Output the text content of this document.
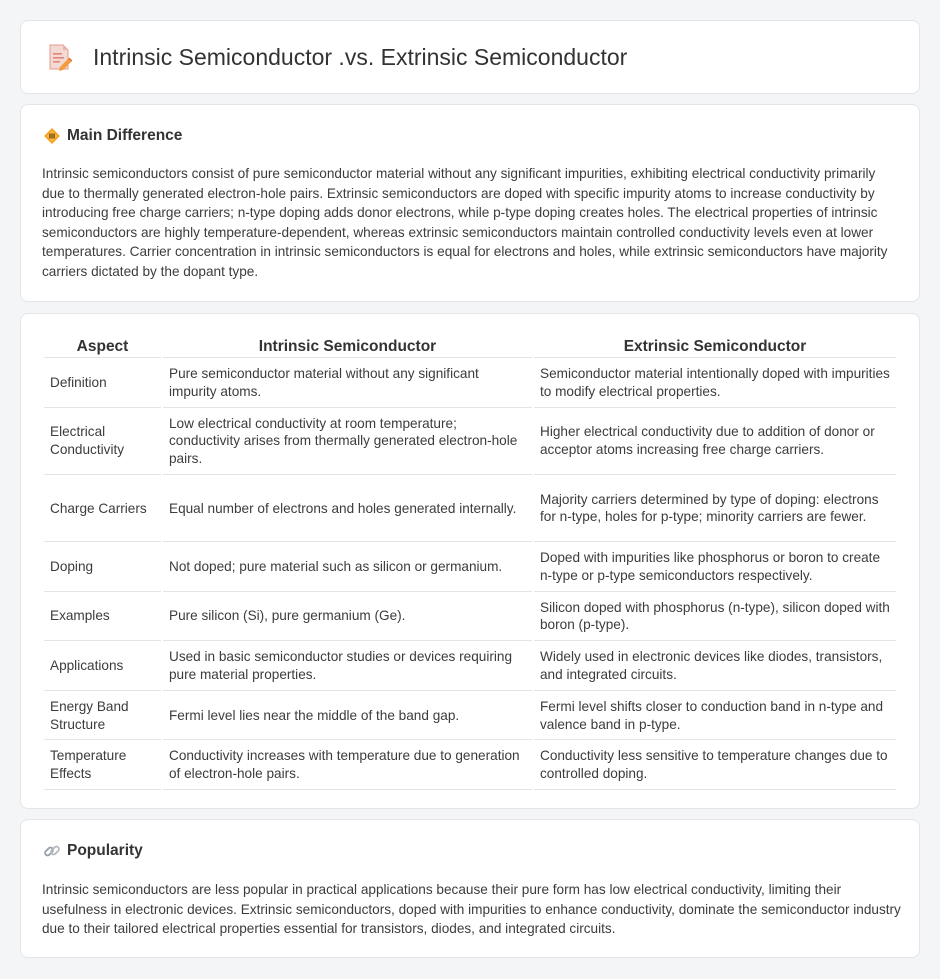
Intrinsic Semiconductor .vs. Extrinsic Semiconductor
Main Difference

Intrinsic semiconductors consist of pure semiconductor material without any significant impurities, exhibiting electrical conductivity primarily due to thermally generated electron-hole pairs. Extrinsic semiconductors are doped with specific impurity atoms to increase conductivity by introducing free charge carriers; n-type doping adds donor electrons, while p-type doping creates holes. The electrical properties of intrinsic semiconductors are highly temperature-dependent, whereas extrinsic semiconductors maintain controlled conductivity levels even at lower temperatures. Carrier concentration in intrinsic semiconductors is equal for electrons and holes, while extrinsic semiconductors have majority carriers dictated by the dopant type.

Aspect	Intrinsic Semiconductor	Extrinsic Semiconductor
Definition	Pure semiconductor material without any significant impurity atoms.	Semiconductor material intentionally doped with impurities to modify electrical properties.
Electrical Conductivity	Low electrical conductivity at room temperature; conductivity arises from thermally generated electron-hole pairs.	Higher electrical conductivity due to addition of donor or acceptor atoms increasing free charge carriers.
Charge Carriers	Equal number of electrons and holes generated internally.	Majority carriers determined by type of doping: electrons for n-type, holes for p-type; minority carriers are fewer.
Doping	Not doped; pure material such as silicon or germanium.	Doped with impurities like phosphorus or boron to create n-type or p-type semiconductors respectively.
Examples	Pure silicon (Si), pure germanium (Ge).	Silicon doped with phosphorus (n-type), silicon doped with boron (p-type).
Applications	Used in basic semiconductor studies or devices requiring pure material properties.	Widely used in electronic devices like diodes, transistors, and integrated circuits.
Energy Band Structure	Fermi level lies near the middle of the band gap.	Fermi level shifts closer to conduction band in n-type and valence band in p-type.
Temperature Effects	Conductivity increases with temperature due to generation of electron-hole pairs.	Conductivity less sensitive to temperature changes due to controlled doping.
Popularity

Intrinsic semiconductors are less popular in practical applications because their pure form has low electrical conductivity, limiting their usefulness in electronic devices. Extrinsic semiconductors, doped with impurities to enhance conductivity, dominate the semiconductor industry due to their tailored electrical properties essential for transistors, diodes, and integrated circuits.
